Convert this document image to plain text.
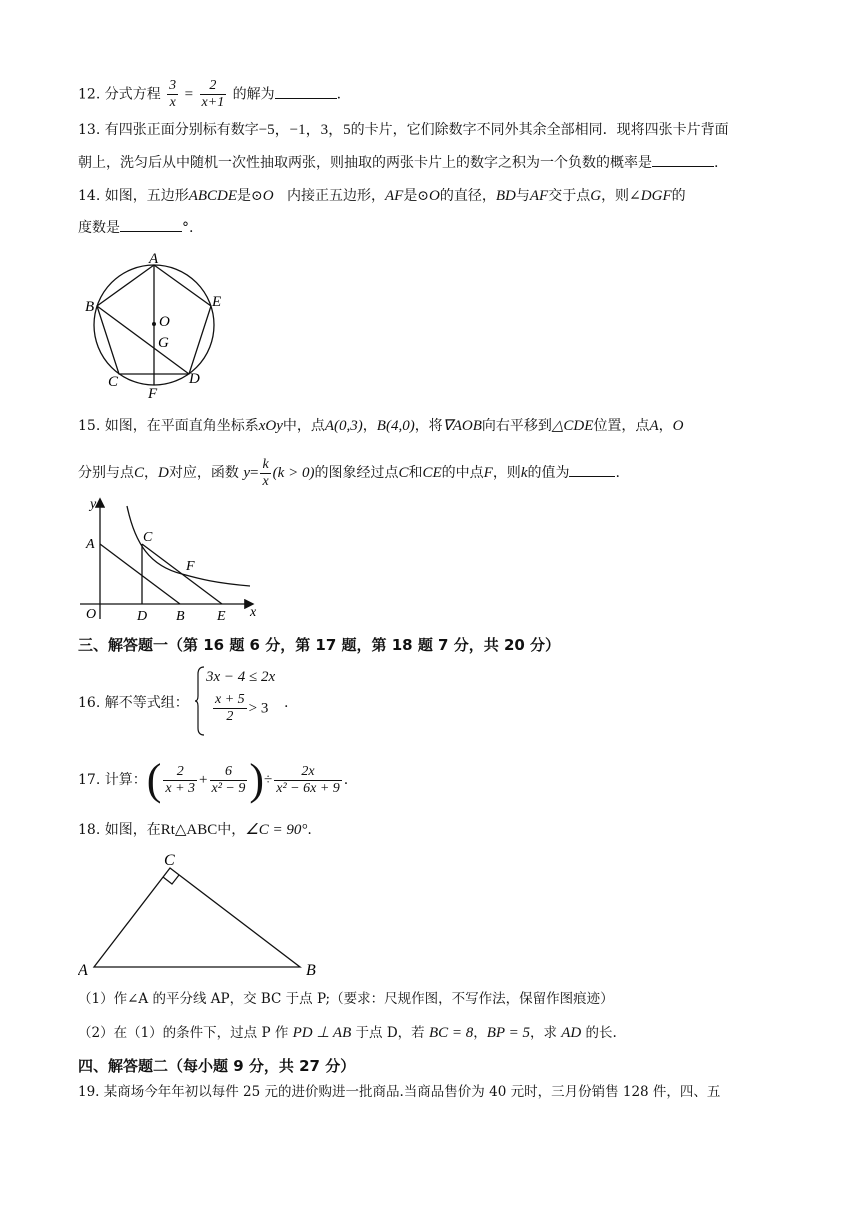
12. 分式方程 $\frac{3}{x} = \frac{2}{x+1}$ 的解为	.
13. 有四张正面分别标有数字−5，−1，3，5的卡片，它们除数字不同外其余全部相同．现将四张卡片背面
朝上，洗匀后从中随机一次性抽取两张，则抽取的两张卡片上的数字之积为一个负数的概率是	.
14. 如图，五边形ABCDE是⊙O 内接正五边形，AF是⊙O的直径，BD与AF交于点G，则∠DGF的
度数是	°.
A
B	E
O
G
C	D
F
15. 如图，在平面直角坐标系xOy中，点A(0,3)，B(4,0)，将∇AOB向右平移到△CDE位置，点A，O
分别与点C，D对应，函数 $y= \frac{k}{x} (k > 0)$的图象经过点C和CE的中点F，则k的值为	.
y
x
O
A	C
F
D B E
三、解答题一（第 16 题 6 分，第 17 题，第 18 题 7 分，共 20 分）
16. 解不等式组：
3x − 4 ≤ 2x
$\frac{x + 5}{2} > 3$ .
17. 计算：( $\frac{2}{x + 3} + \frac{6}{\text{x² − 9}}$ )÷ $\frac{2x}{\text{x² − 6x + 9}}$ .
18. 如图，在Rt△ABC中，∠C = 90°.
C
A	B
（1）作∠A 的平分线 AP，交 BC 于点 P;（要求：尺规作图，不写作法，保留作图痕迹）
（2）在（1）的条件下，过点 P 作 PD ⊥ AB 于点 D，若 BC = 8，BP = 5，求 AD 的长.
四、解答题二（每小题 9 分，共 27 分）
19. 某商场今年年初以每件 25 元的进价购进一批商品.当商品售价为 40 元时，三月份销售 128 件，四、五
